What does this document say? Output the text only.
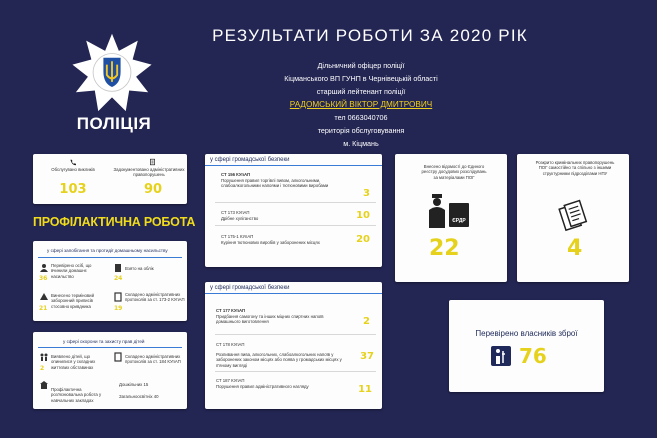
ПОЛІЦІЯ
РЕЗУЛЬТАТИ РОБОТИ ЗА 2020 РІК
Дільничний офіцер поліції
Кіцманського ВП ГУНП в Чернівецькій області
старший лейтенант поліції
РАДОМСЬКИЙ ВІКТОР ДМИТРОВИЧ
тел 0663040706
територія обслуговування
м. Кіцмань
Обслугувано викликів
103
Задокументовано адміністративних правопорушень
90
ПРОФІЛАКТИЧНА РОБОТА
у сфері запобігання та протидії домашньому насильству
Перевірено осіб, що вчинили домашнє насильство
36
Взято на облік
24
Винесено терміновий заборонний приписів стосовно кривдника
21
Складено адміністративних протоколів за ст. 173-2 КУпАП
19
у сфері охорони та захисту прав дітей
Виявлено дітей, що опинилися у складних життєвих обставинах
2
Складено адміністративних протоколів за ст. 184 КУпАП
Профілактична роз'яснювальна робота у навчальних закладах
Дошкільних 15
Загальноосвітніх 40
у сфері громадської безпеки
СТ 156 КУпАП
Порушення правил торгівлі пивом, алкогольними, слабоалкогольними напоями і тютюновими виробами
3
СТ 173 КУпАП
Дрібне хуліганство	10
СТ 175-1 КУпАП
Куріння тютюнових виробів у заборонених місцях	20
у сфері громадської безпеки
СТ 177 КУпАП
Придбання самогону та інших міцних спиртних напоїв домашнього виготовлення	2
СТ 178 КУпАП
Розпивання пива, алкогольних, слабоалкогольних напоїв у заборонених законом місцях або поява у громадських місцях у п'яному вигляді
37
СТ 187 КУпАП
Порушення правил адміністративного нагляду	11
Внесено відомості до Єдиного реєстру досудових розслідувань за матеріалами ПОГ
ЄРДР
22
Розкрито кримінальних правопорушень ПОГ самостійно та спільно з іншими структурними підрозділами НПУ
4
Перевірено власників зброї
76
